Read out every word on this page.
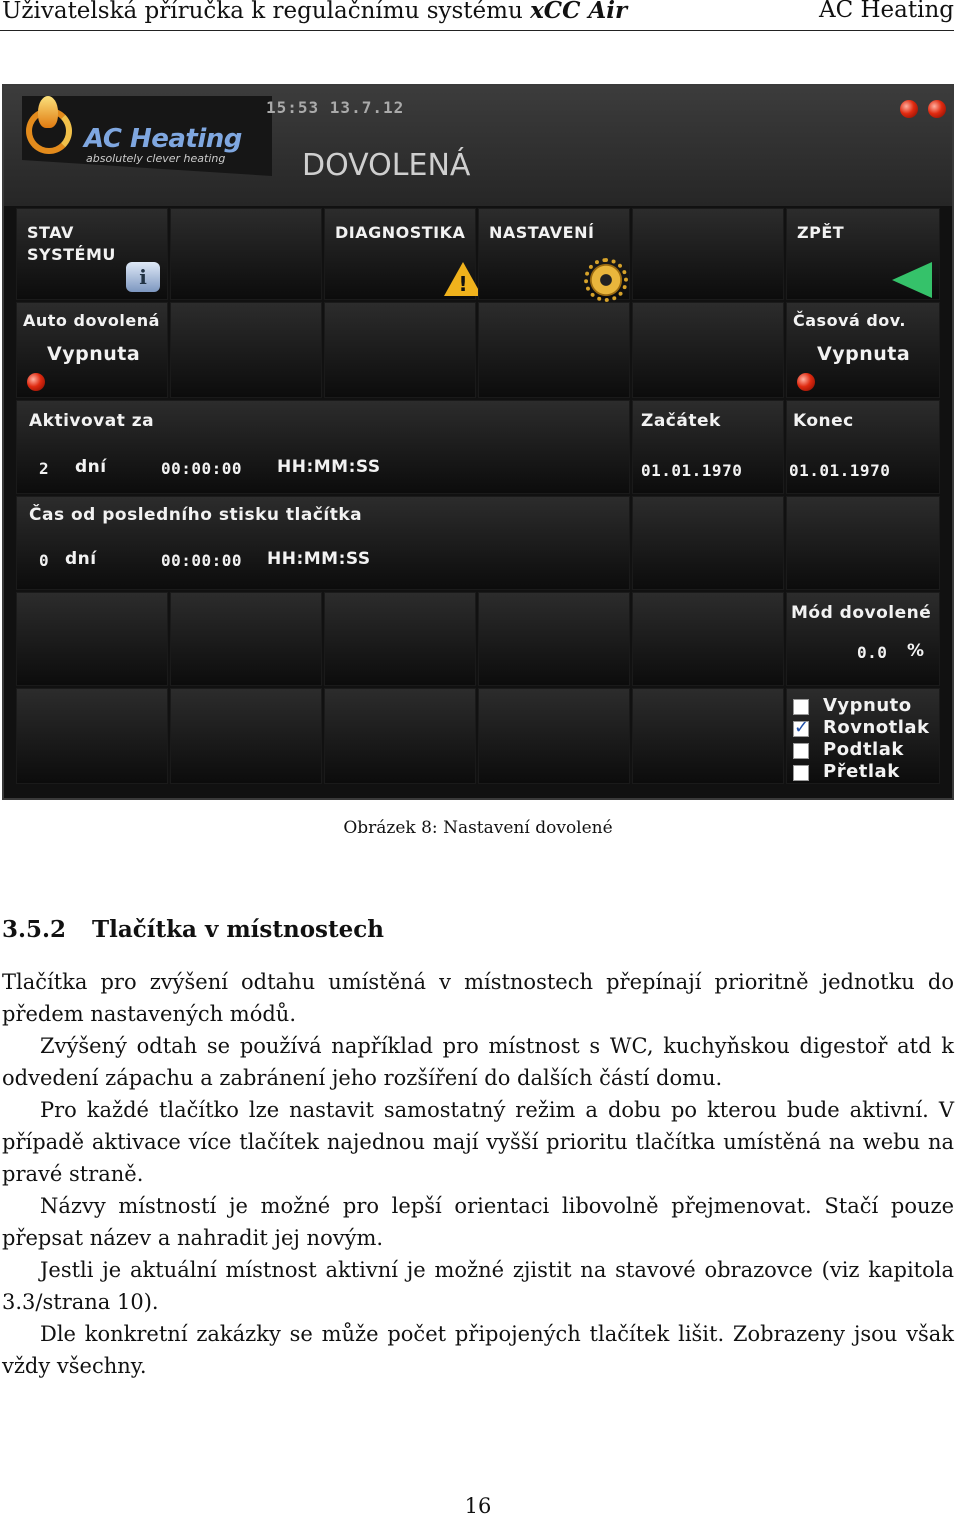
Uživatelská příručka k regulačnímu systému xCC Air	AC Heating
AC Heating
absolutely clever heating
15:53 13.7.12
DOVOLENÁ
STAV
SYSTÉMU
i
DIAGNOSTIKA
!
NASTAVENÍ	ZPĚT
Auto dovolená
Vypnuta
Časová dov.
Vypnuta
Aktivovat za
2 dní	00:00:00 HH:MM:SS
Začátek
01.01.1970
Konec
01.01.1970
Čas od posledního stisku tlačítka
0 dní	00:00:00 HH:MM:SS
Mód dovolené
0.0 %
Vypnuto
✓ Rovnotlak
Podtlak
Přetlak
Obrázek 8: Nastavení dovolené
3.5.2 Tlačítka v místnostech

Tlačítka pro zvýšení odtahu umístěná v místnostech přepínají prioritně jednotku do předem nastavených módů.

Zvýšený odtah se používá například pro místnost s WC, kuchyňskou digestoř atd k odvedení zápachu a zabránení jeho rozšíření do dalších částí domu.

Pro každé tlačítko lze nastavit samostatný režim a dobu po kterou bude aktivní. V případě aktivace více tlačítek najednou mají vyšší prioritu tlačítka umístěná na webu na pravé straně.

Názvy místností je možné pro lepší orientaci libovolně přejmenovat. Stačí pouze přepsat název a nahradit jej novým.

Jestli je aktuální místnost aktivní je možné zjistit na stavové obrazovce (viz kapitola 3.3/strana 10).

Dle konkretní zakázky se může počet připojených tlačítek lišit. Zobrazeny jsou však vždy všechny.

16
